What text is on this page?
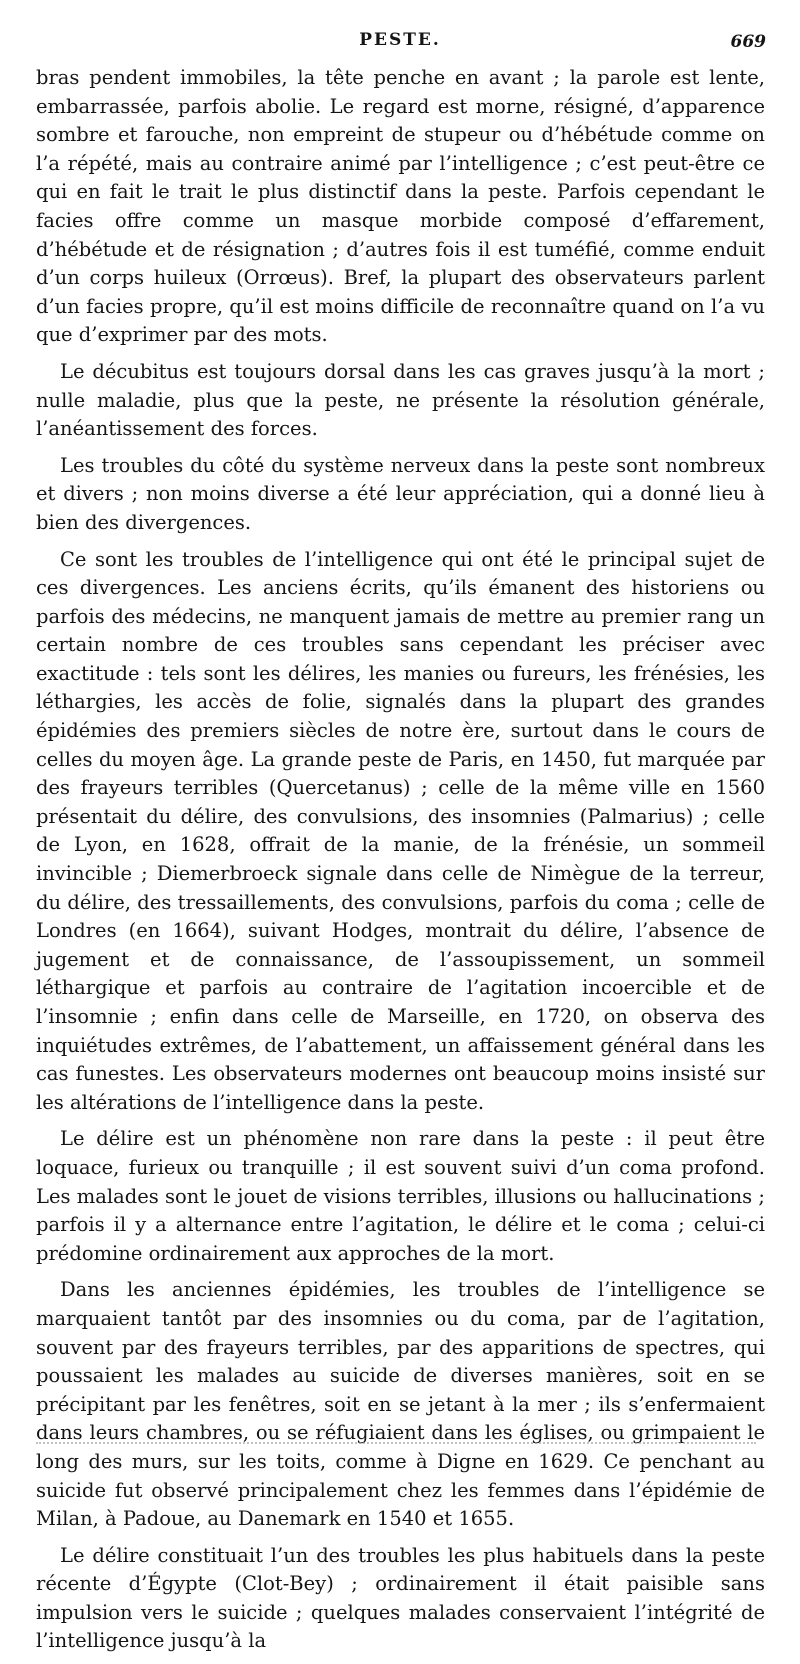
PESTE.	669

bras pendent immobiles, la tête penche en avant ; la parole est lente, embarrassée, parfois abolie. Le regard est morne, résigné, d’apparence sombre et farouche, non empreint de stupeur ou d’hébétude comme on l’a répété, mais au contraire animé par l’intelligence ; c’est peut-être ce qui en fait le trait le plus distinctif dans la peste. Parfois cependant le facies offre comme un masque morbide composé d’effarement, d’hébétude et de résignation ; d’autres fois il est tuméfié, comme enduit d’un corps huileux (Orrœus). Bref, la plupart des observateurs parlent d’un facies propre, qu’il est moins difficile de reconnaître quand on l’a vu que d’exprimer par des mots.

Le décubitus est toujours dorsal dans les cas graves jusqu’à la mort ; nulle maladie, plus que la peste, ne présente la résolution générale, l’anéantissement des forces.

Les troubles du côté du système nerveux dans la peste sont nombreux et divers ; non moins diverse a été leur appréciation, qui a donné lieu à bien des divergences.

Ce sont les troubles de l’intelligence qui ont été le principal sujet de ces divergences. Les anciens écrits, qu’ils émanent des historiens ou parfois des médecins, ne manquent jamais de mettre au premier rang un certain nombre de ces troubles sans cependant les préciser avec exactitude : tels sont les délires, les manies ou fureurs, les frénésies, les léthargies, les accès de folie, signalés dans la plupart des grandes épidémies des premiers siècles de notre ère, surtout dans le cours de celles du moyen âge. La grande peste de Paris, en 1450, fut marquée par des frayeurs terribles (Quercetanus) ; celle de la même ville en 1560 présentait du délire, des convulsions, des insomnies (Palmarius) ; celle de Lyon, en 1628, offrait de la manie, de la frénésie, un sommeil invincible ; Diemerbroeck signale dans celle de Nimègue de la terreur, du délire, des tressaillements, des convulsions, parfois du coma ; celle de Londres (en 1664), suivant Hodges, montrait du délire, l’absence de jugement et de connaissance, de l’assoupissement, un sommeil léthargique et parfois au contraire de l’agitation incoercible et de l’insomnie ; enfin dans celle de Marseille, en 1720, on observa des inquiétudes extrêmes, de l’abattement, un affaissement général dans les cas funestes. Les observateurs modernes ont beaucoup moins insisté sur les altérations de l’intelligence dans la peste.

Le délire est un phénomène non rare dans la peste : il peut être loquace, furieux ou tranquille ; il est souvent suivi d’un coma profond. Les malades sont le jouet de visions terribles, illusions ou hallucinations ; parfois il y a alternance entre l’agitation, le délire et le coma ; celui-ci prédomine ordinairement aux approches de la mort.

Dans les anciennes épidémies, les troubles de l’intelligence se marquaient tantôt par des insomnies ou du coma, par de l’agitation, souvent par des frayeurs terribles, par des apparitions de spectres, qui poussaient les malades au suicide de diverses manières, soit en se précipitant par les fenêtres, soit en se jetant à la mer ; ils s’enfermaient dans leurs chambres, ou se réfugiaient dans les églises, ou grimpaient le long des murs, sur les toits, comme à Digne en 1629. Ce penchant au suicide fut observé principalement chez les femmes dans l’épidémie de Milan, à Padoue, au Danemark en 1540 et 1655.

Le délire constituait l’un des troubles les plus habituels dans la peste récente d’Égypte (Clot-Bey) ; ordinairement il était paisible sans impulsion vers le suicide ; quelques malades conservaient l’intégrité de l’intelligence jusqu’à la
